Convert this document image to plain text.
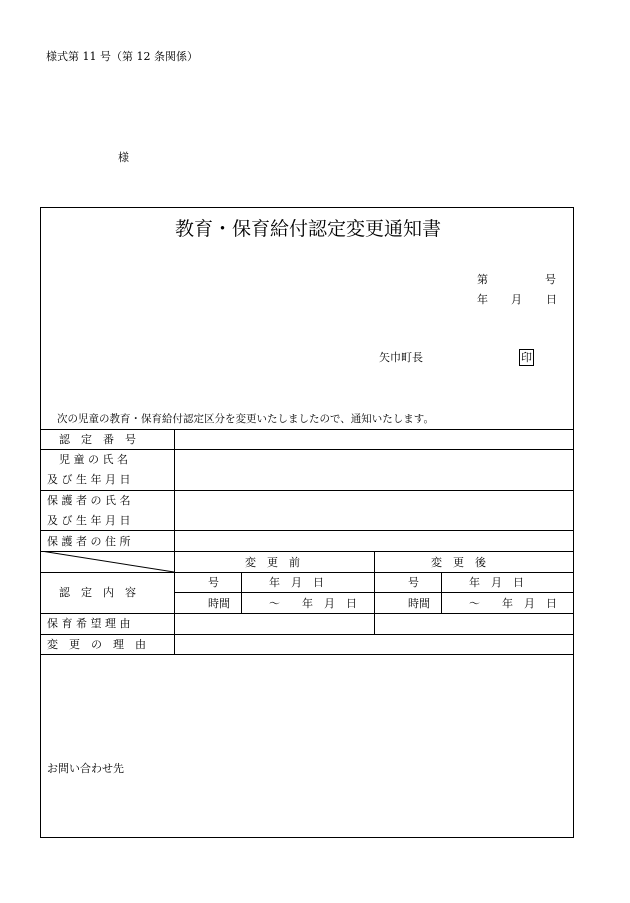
様式第 11 号（第 12 条関係）
様
教育・保育給付認定変更通知書
第	号
年 月 日
矢巾町長	印
次の児童の教育・保育給付認定区分を変更いたしましたので、通知いたします。
認　定　番　号
児 童 の 氏 名
及 び 生 年 月 日
保 護 者 の 氏 名
及 び 生 年 月 日
保 護 者 の 住 所
変　更　前	変　更　後
認　定　内　容
号	年　月　日	号	年　月　日
時間	～　　年　月　日	時間	～　　年　月　日
保 育 希 望 理 由
変　更　の　理　由
お問い合わせ先
